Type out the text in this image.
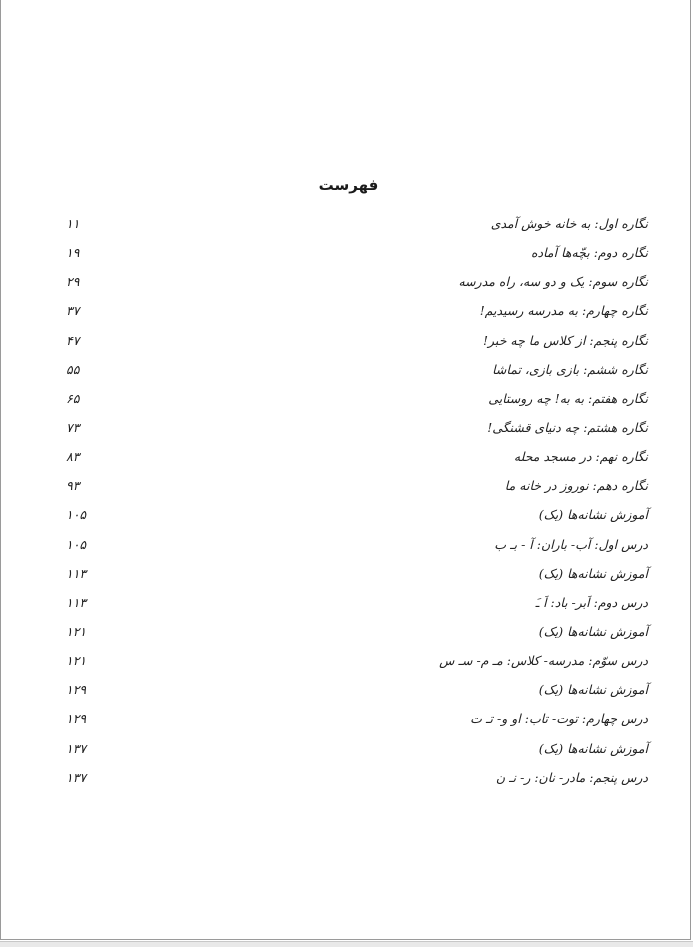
فهرست
نگاره اول: به خانه خوش آمدی
۱۱
نگاره دوم: بچّه‌ها آماده
۱۹
نگاره سوم: یک و دو سه، راه مدرسه
۲۹
نگاره چهارم: به مدرسه رسیدیم!
۳۷
نگاره پنجم: از کلاس ما چه خبر!
۴۷
نگاره ششم: بازی بازی، تماشا
۵۵
نگاره هفتم: به به! چه روستایی
۶۵
نگاره هشتم: چه دنیای قشنگی!
۷۳
نگاره نهم: در مسجد محله
۸۳
نگاره دهم: نوروز در خانه ما
۹۳
آموزش نشانه‌ها (یک)
۱۰۵
درس اول: آب- باران: آ - بـ ب
۱۰۵
آموزش نشانه‌ها (یک)
۱۱۳
درس دوم: اَبر- باد: اَ ـَ
۱۱۳
آموزش نشانه‌ها (یک)
۱۲۱
درس سوّم: مدرسه- کلاس: مـ م- سـ س
۱۲۱
آموزش نشانه‌ها (یک)
۱۲۹
درس چهارم: توت- تاب: او و- تـ ت
۱۲۹
آموزش نشانه‌ها (یک)
۱۳۷
درس پنجم: مادر- نان: ر- نـ ن
۱۳۷
